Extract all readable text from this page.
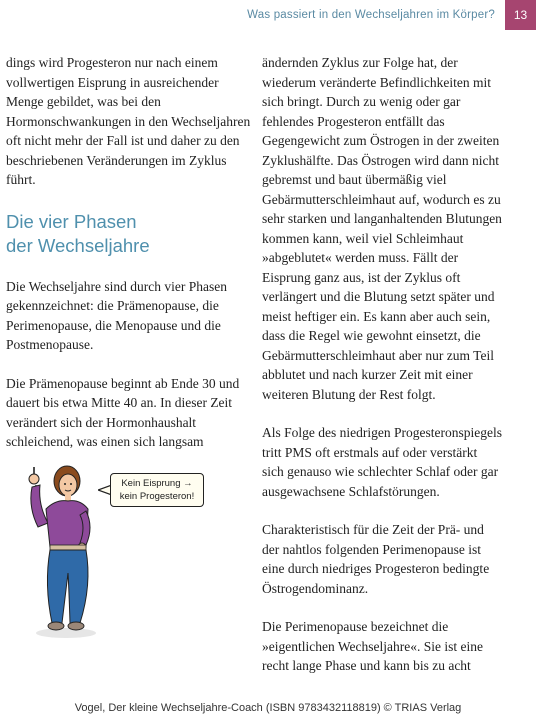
Was passiert in den Wechseljahren im Körper?	13

dings wird Progesteron nur nach einem vollwertigen Eisprung in ausreichender Menge gebildet, was bei den Hormonschwankungen in den Wechseljahren oft nicht mehr der Fall ist und daher zu den beschriebenen Veränderungen im Zyklus führt.

Die vier Phasen
der Wechseljahre

Die Wechseljahre sind durch vier Phasen gekennzeichnet: die Prämenopause, die Perimenopause, die Menopause und die Postmenopause.

Die Prämenopause beginnt ab Ende 30 und dauert bis etwa Mitte 40 an. In dieser Zeit verändert sich der Hormonhaushalt schleichend, was einen sich langsam

Kein Eisprung →
kein Progesteron!

ändernden Zyklus zur Folge hat, der wiederum veränderte Befindlichkeiten mit sich bringt. Durch zu wenig oder gar fehlendes Progesteron entfällt das Gegengewicht zum Östrogen in der zweiten Zyklushälfte. Das Östrogen wird dann nicht gebremst und baut übermäßig viel Gebärmutterschleimhaut auf, wodurch es zu sehr starken und langanhaltenden Blutungen kommen kann, weil viel Schleimhaut »abgeblutet« werden muss. Fällt der Eisprung ganz aus, ist der Zyklus oft verlängert und die Blutung setzt später und meist heftiger ein. Es kann aber auch sein, dass die Regel wie gewohnt einsetzt, die Gebärmutterschleimhaut aber nur zum Teil abblutet und nach kurzer Zeit mit einer weiteren Blutung der Rest folgt.

Als Folge des niedrigen Progesteronspiegels tritt PMS oft erstmals auf oder verstärkt sich genauso wie schlechter Schlaf oder gar ausgewachsene Schlafstörungen.

Charakteristisch für die Zeit der Prä- und der nahtlos folgenden Perimenopause ist eine durch niedriges Progesteron bedingte Östrogendominanz.

Die Perimenopause bezeichnet die »eigentlichen Wechseljahre«. Sie ist eine recht lange Phase und kann bis zu acht

Vogel, Der kleine Wechseljahre-Coach (ISBN 9783432118819) © TRIAS Verlag
